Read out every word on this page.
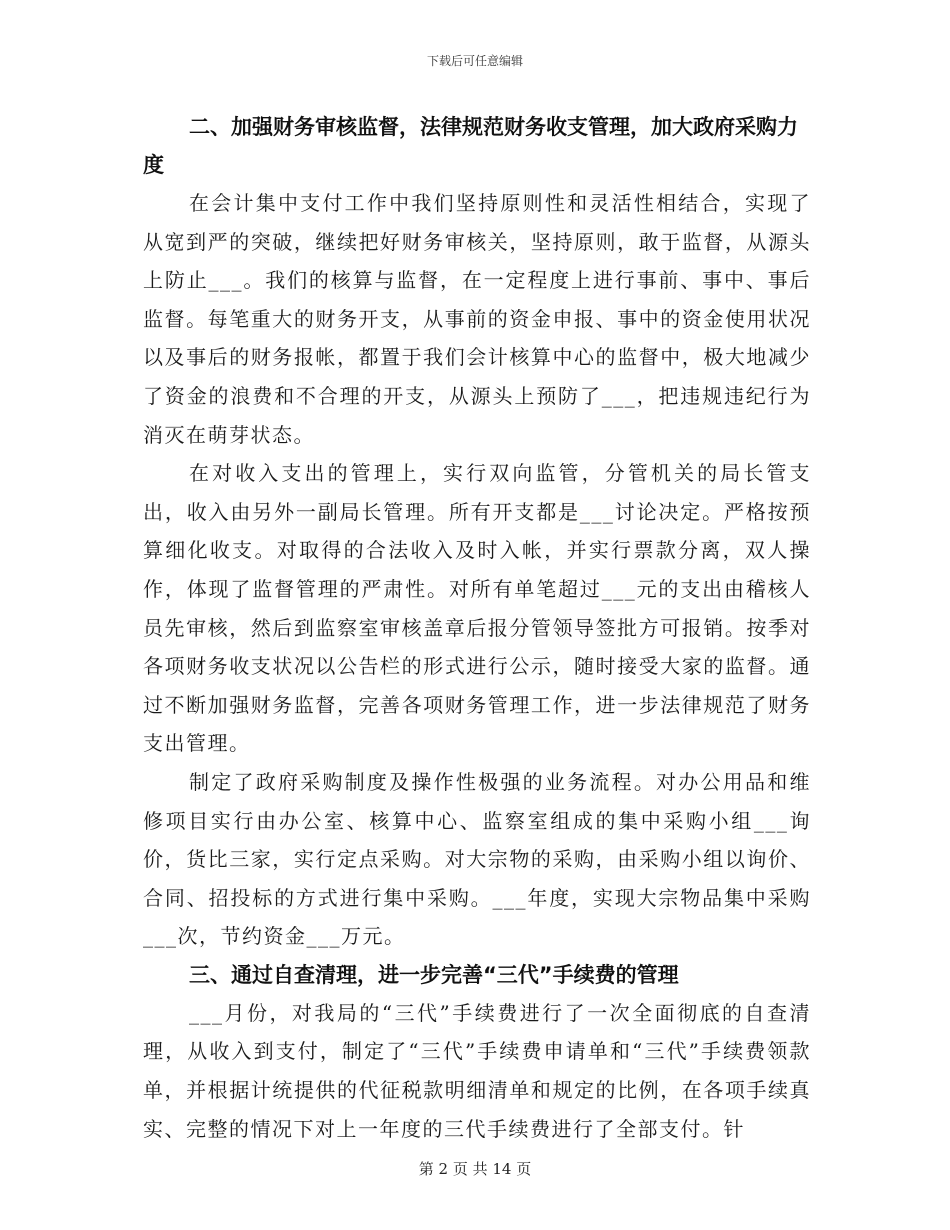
下载后可任意编辑

二、加强财务审核监督，法律规范财务收支管理，加大政府采购力度

在会计集中支付工作中我们坚持原则性和灵活性相结合，实现了从宽到严的突破，继续把好财务审核关，坚持原则，敢于监督，从源头上防止___。我们的核算与监督，在一定程度上进行事前、事中、事后监督。每笔重大的财务开支，从事前的资金申报、事中的资金使用状况以及事后的财务报帐，都置于我们会计核算中心的监督中，极大地减少了资金的浪费和不合理的开支，从源头上预防了___，把违规违纪行为消灭在萌芽状态。

在对收入支出的管理上，实行双向监管，分管机关的局长管支出，收入由另外一副局长管理。所有开支都是___讨论决定。严格按预算细化收支。对取得的合法收入及时入帐，并实行票款分离，双人操作，体现了监督管理的严肃性。对所有单笔超过___元的支出由稽核人员先审核，然后到监察室审核盖章后报分管领导签批方可报销。按季对各项财务收支状况以公告栏的形式进行公示，随时接受大家的监督。通过不断加强财务监督，完善各项财务管理工作，进一步法律规范了财务支出管理。

制定了政府采购制度及操作性极强的业务流程。对办公用品和维修项目实行由办公室、核算中心、监察室组成的集中采购小组___询价，货比三家，实行定点采购。对大宗物的采购，由采购小组以询价、合同、招投标的方式进行集中采购。___年度，实现大宗物品集中采购___次，节约资金___万元。

三、通过自查清理，进一步完善“三代”手续费的管理

___月份，对我局的“三代”手续费进行了一次全面彻底的自查清理，从收入到支付，制定了“三代”手续费申请单和“三代”手续费领款单，并根据计统提供的代征税款明细清单和规定的比例，在各项手续真实、完整的情况下对上一年度的三代手续费进行了全部支付。针

第 2 页 共 14 页
